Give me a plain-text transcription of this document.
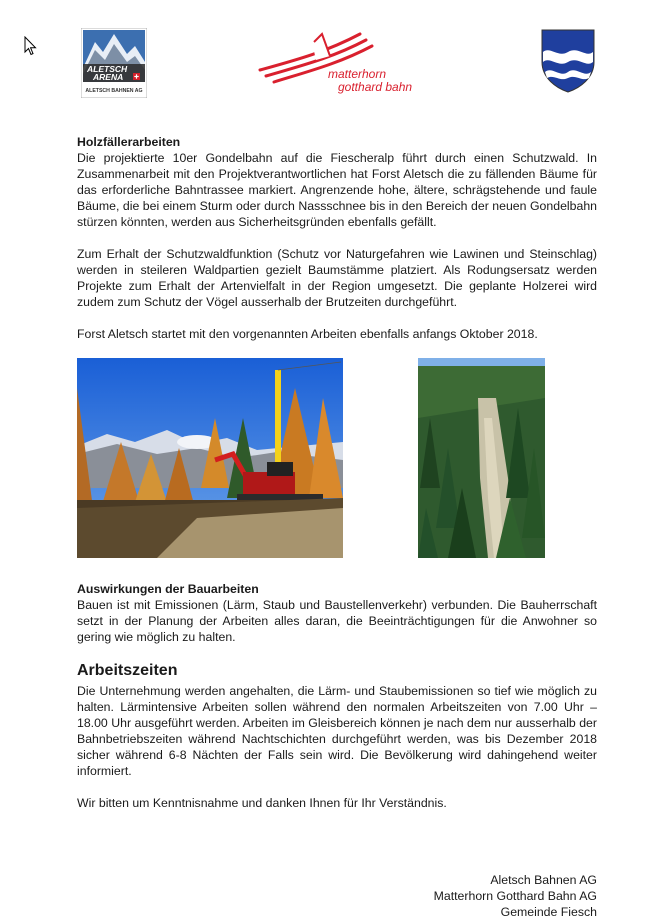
ALETSCH
ARENA
ALETSCH BAHNEN AG
matterhorn
gotthard bahn

Holzfällerarbeiten

Die projektierte 10er Gondelbahn auf die Fiescheralp führt durch einen Schutzwald. In Zusammenarbeit mit den Projektverantwortlichen hat Forst Aletsch die zu fällenden Bäume für das erforderliche Bahntrassee markiert. Angrenzende hohe, ältere, schrägstehende und faule Bäume, die bei einem Sturm oder durch Nassschnee bis in den Bereich der neuen Gondelbahn stürzen könnten, werden aus Sicherheitsgründen ebenfalls gefällt.

Zum Erhalt der Schutzwaldfunktion (Schutz vor Naturgefahren wie Lawinen und Steinschlag) werden in steileren Waldpartien gezielt Baumstämme platziert. Als Rodungsersatz werden Projekte zum Erhalt der Artenvielfalt in der Region umgesetzt. Die geplante Holzerei wird zudem zum Schutz der Vögel ausserhalb der Brutzeiten durchgeführt.

Forst Aletsch startet mit den vorgenannten Arbeiten ebenfalls anfangs Oktober 2018.

Auswirkungen der Bauarbeiten

Bauen ist mit Emissionen (Lärm, Staub und Baustellenverkehr) verbunden. Die Bauherrschaft setzt in der Planung der Arbeiten alles daran, die Beeinträchtigungen für die Anwohner so gering wie möglich zu halten.

Arbeitszeiten

Die Unternehmung werden angehalten, die Lärm- und Staubemissionen so tief wie möglich zu halten. Lärmintensive Arbeiten sollen während den normalen Arbeitszeiten von 7.00 Uhr – 18.00 Uhr ausgeführt werden. Arbeiten im Gleisbereich können je nach dem nur ausserhalb der Bahnbetriebszeiten während Nachtschichten durchgeführt werden, was bis Dezember 2018 sicher während 6-8 Nächten der Falls sein wird. Die Bevölkerung wird dahingehend weiter informiert.

Wir bitten um Kenntnisnahme und danken Ihnen für Ihr Verständnis.

Aletsch Bahnen AG
Matterhorn Gotthard Bahn AG
Gemeinde Fiesch
